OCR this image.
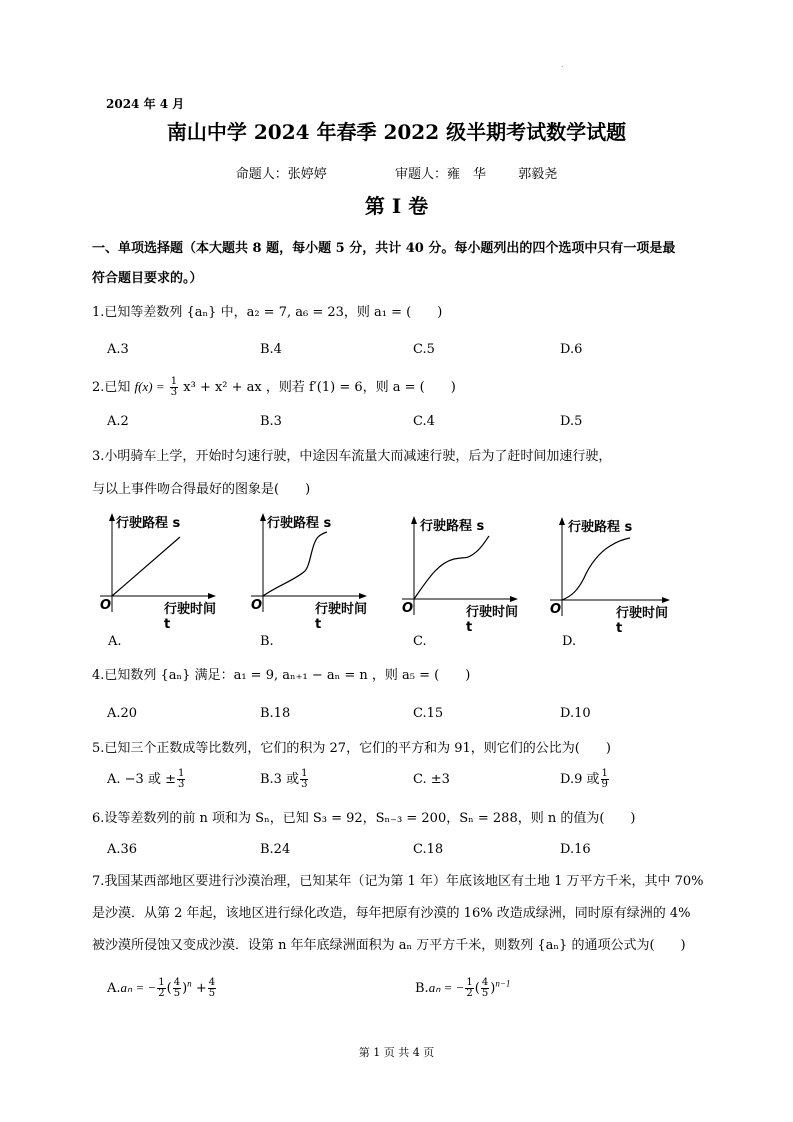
.
2024 年 4 月
南山中学 2024 年春季 2022 级半期考试数学试题
命题人：张婷婷	审题人：雍　华 郭毅尧
第 I 卷
一、单项选择题（本大题共 8 题，每小题 5 分，共计 40 分。每小题列出的四个选项中只有一项是最
符合题目要求的。）
1.已知等差数列 {aₙ} 中，a₂ = 7, a₆ = 23，则 a₁ = (　　)
A.3	B.4	C.5	D.6
2.已知 $f(x) = \frac{1}{3} x^3 + x^2$ + ax ，则若 f′(1) = 6，则 a = (　　)
A.2	B.3	C.4	D.5
3.小明骑车上学，开始时匀速行驶，中途因车流量大而减速行驶，后为了赶时间加速行驶，
与以上事件吻合得最好的图象是(　　)
行驶路程 s
O	行驶时间 t
行驶路程 s
O	行驶时间 t
行驶路程 s
O	行驶时间 t
行驶路程 s
O	行驶时间 t
A.	B.	C.	D.
4.已知数列 {aₙ} 满足：a₁ = 9, aₙ₊₁ − aₙ = n ，则 a₅ = (　　)
A.20	B.18	C.15	D.10
5.已知三个正数成等比数列，它们的积为 27，它们的平方和为 91，则它们的公比为(　　)
A. −3 或 ± $\frac{1}{3}$	B.3 或 $\frac{1}{3}$	C. ±3	D.9 或 $\frac{1}{9}$
6.设等差数列的前 n 项和为 Sₙ，已知 S₃ = 92，Sₙ₋₃ = 200，Sₙ = 288，则 n 的值为(　　)
A.36	B.24	C.18	D.16
7.我国某西部地区要进行沙漠治理，已知某年（记为第 1 年）年底该地区有土地 1 万平方千米，其中 70%
是沙漠．从第 2 年起，该地区进行绿化改造，每年把原有沙漠的 16% 改造成绿洲，同时原有绿洲的 4%
被沙漠所侵蚀又变成沙漠．设第 n 年年底绿洲面积为 aₙ 万平方千米，则数列 {aₙ} 的通项公式为(　　)
A.aₙ = − $\frac{1}{2}$ ( $\frac{4}{5} )^n + \frac{4}{5}$	B.aₙ = − $\frac{1}{2}$ ( $\frac{4}{5} )^{n-1}$
第 1 页 共 4 页
